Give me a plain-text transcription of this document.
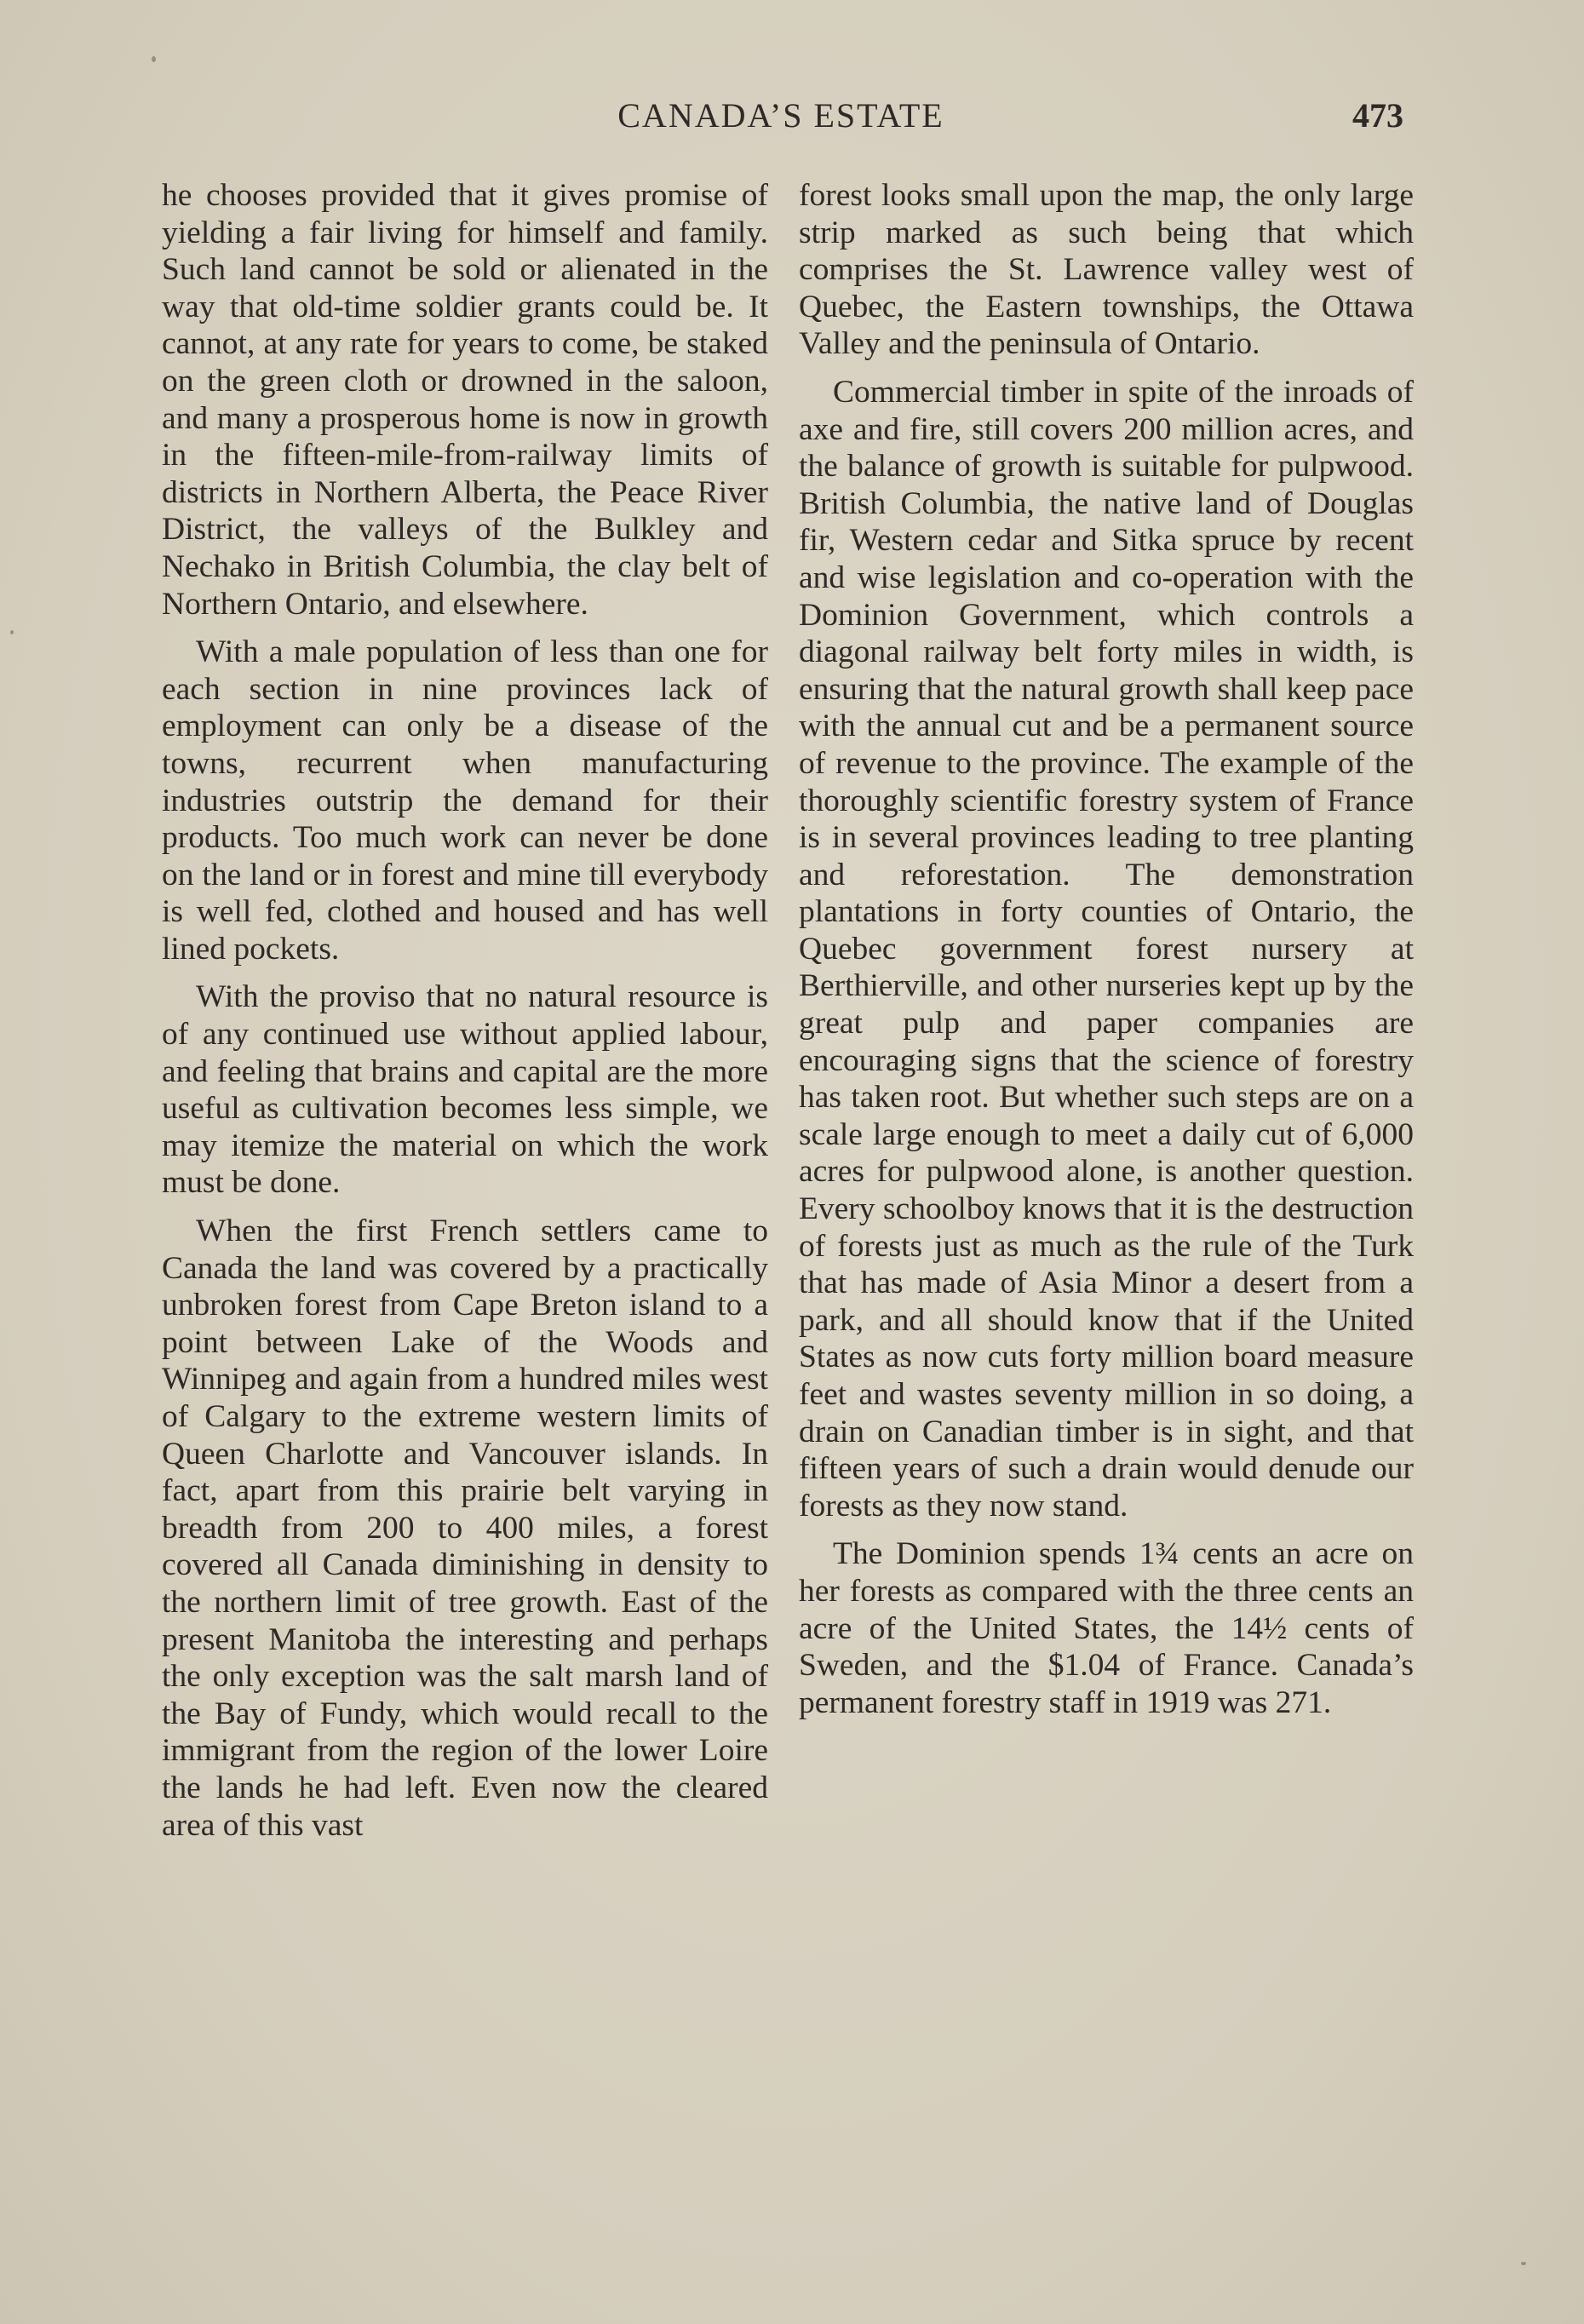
CANADA’S ESTATE	473

he chooses provided that it gives promise of yielding a fair living for himself and family. Such land cannot be sold or alienated in the way that old-time soldier grants could be. It cannot, at any rate for years to come, be staked on the green cloth or drowned in the saloon, and many a prosperous home is now in growth in the fifteen-mile-from-railway limits of districts in Northern Alberta, the Peace River District, the valleys of the Bulkley and Nechako in British Columbia, the clay belt of Northern Ontario, and elsewhere.

With a male population of less than one for each section in nine provinces lack of employment can only be a disease of the towns, recurrent when manufacturing industries outstrip the demand for their products. Too much work can never be done on the land or in forest and mine till everybody is well fed, clothed and housed and has well lined pockets.

With the proviso that no natural resource is of any continued use without applied labour, and feeling that brains and capital are the more useful as cultivation becomes less simple, we may itemize the material on which the work must be done.

When the first French settlers came to Canada the land was covered by a practically unbroken forest from Cape Breton island to a point between Lake of the Woods and Winnipeg and again from a hundred miles west of Calgary to the extreme western limits of Queen Charlotte and Vancouver islands. In fact, apart from this prairie belt varying in breadth from 200 to 400 miles, a forest covered all Canada diminishing in density to the northern limit of tree growth. East of the present Manitoba the interesting and perhaps the only exception was the salt marsh land of the Bay of Fundy, which would recall to the immigrant from the region of the lower Loire the lands he had left. Even now the cleared area of this vast

forest looks small upon the map, the only large strip marked as such being that which comprises the St. Lawrence valley west of Quebec, the Eastern townships, the Ottawa Valley and the peninsula of Ontario.

Commercial timber in spite of the inroads of axe and fire, still covers 200 million acres, and the balance of growth is suitable for pulpwood. British Columbia, the native land of Douglas fir, Western cedar and Sitka spruce by recent and wise legislation and co-operation with the Dominion Government, which controls a diagonal railway belt forty miles in width, is ensuring that the natural growth shall keep pace with the annual cut and be a permanent source of revenue to the province. The example of the thoroughly scientific forestry system of France is in several provinces leading to tree planting and reforestation. The demonstration plantations in forty counties of Ontario, the Quebec government forest nursery at Berthierville, and other nurseries kept up by the great pulp and paper companies are encouraging signs that the science of forestry has taken root. But whether such steps are on a scale large enough to meet a daily cut of 6,000 acres for pulpwood alone, is another question. Every schoolboy knows that it is the destruction of forests just as much as the rule of the Turk that has made of Asia Minor a desert from a park, and all should know that if the United States as now cuts forty million board measure feet and wastes seventy million in so doing, a drain on Canadian timber is in sight, and that fifteen years of such a drain would denude our forests as they now stand.

The Dominion spends 1¾ cents an acre on her forests as compared with the three cents an acre of the United States, the 14½ cents of Sweden, and the $1.04 of France. Canada’s permanent forestry staff in 1919 was 271.
